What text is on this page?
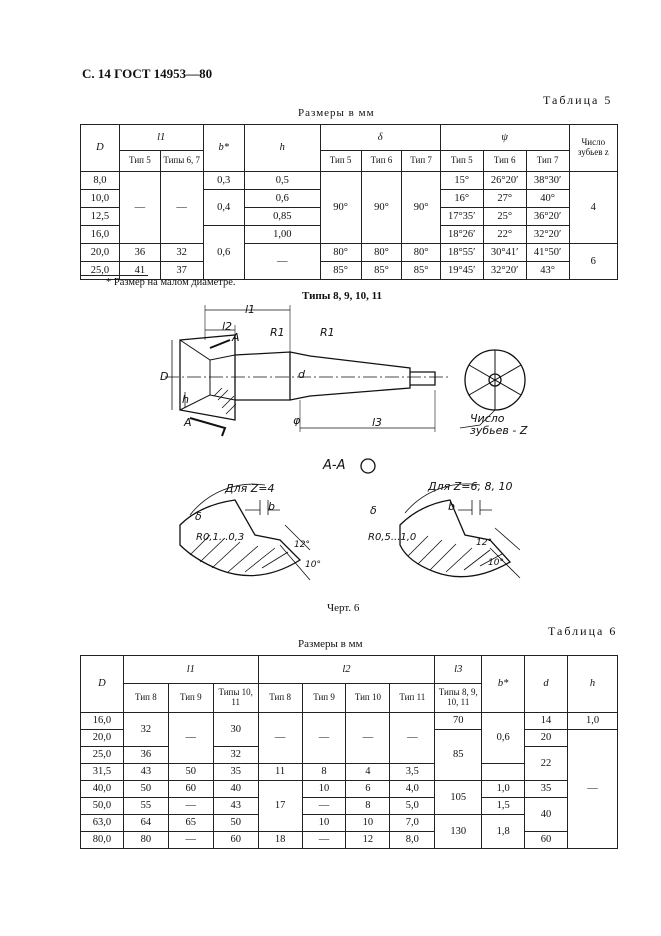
С. 14 ГОСТ 14953—80
Таблица 5
Размеры в мм
D	l1		b*	h	δ			ψ			Число зубьев z
	Тип 5	Типы 6, 7			Тип 5	Тип 6	Тип 7	Тип 5	Тип 6	Тип 7	
8,0	—	—	0,3	0,5	90°	90°	90°	15°	26°20′	38°30′	4
10,0			0,4	0,6				16°	27°	40°	
12,5				0,85				17°35′	25°	36°20′	
16,0			0,6	1,00				18°26′	22°	32°20′	
20,0	36	32		—	80°	80°	80°	18°55′	30°41′	41°50′	6
25,0	41	37			85°	85°	85°	19°45′	32°20′	43°	
* Размер на малом диаметре.
Типы 8, 9, 10, 11
l1
l2
A	R1	R1
D	d
h
A	φ	l3	Число зубьев - Z
А-А
Для Z=4	Для Z=6, 8, 10
δ
b
R0,1...0,3
12°
10°
δ	b
R0,5...1,0	12°
10°
Черт. 6
Таблица 6
Размеры в мм
D	l1			l2				l3	b*	d	h
	Тип 8	Тип 9	Типы 10, 11	Тип 8	Тип 9	Тип 10	Тип 11	Типы 8, 9, 10, 11			
16,0	32	—	30	—	—	—	—	70	0,6	14	1,0
20,0								85		20	—
25,0	36		32							22	
31,5	43	50	35	11	8	4	3,5				
40,0	50	60	40	17	10	6	4,0	105	1,0	35	
50,0	55	—	43		—	8	5,0		1,5	40	
63,0	64	65	50		10	10	7,0	130	1,8		
80,0	80	—	60	18	—	12	8,0			60	
